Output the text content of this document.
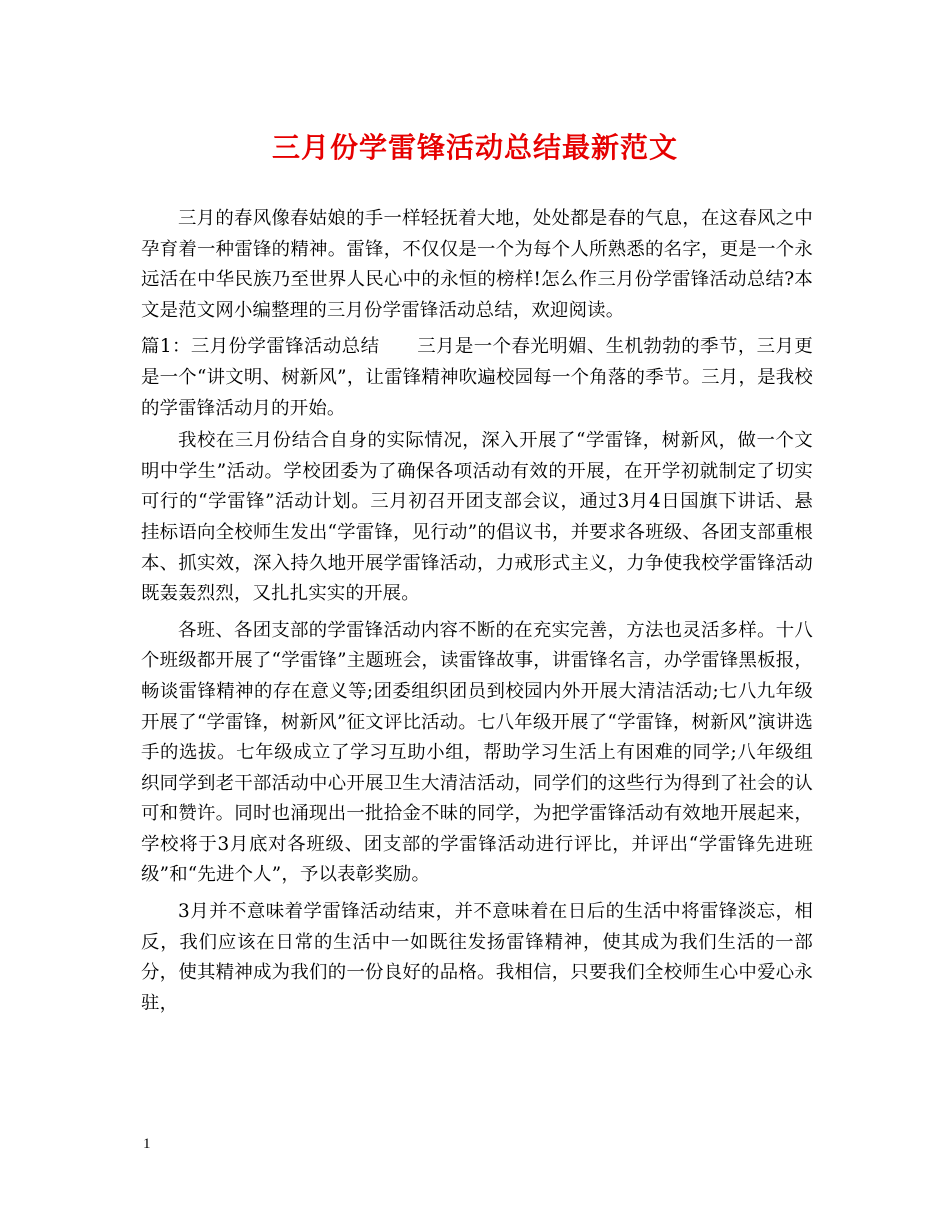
三月份学雷锋活动总结最新范文

三月的春风像春姑娘的手一样轻抚着大地，处处都是春的气息，在这春风之中孕育着一种雷锋的精神。雷锋，不仅仅是一个为每个人所熟悉的名字，更是一个永远活在中华民族乃至世界人民心中的永恒的榜样!怎么作三月份学雷锋活动总结?本文是范文网小编整理的三月份学雷锋活动总结，欢迎阅读。

篇1：三月份学雷锋活动总结　　三月是一个春光明媚、生机勃勃的季节，三月更是一个“讲文明、树新风”，让雷锋精神吹遍校园每一个角落的季节。三月，是我校的学雷锋活动月的开始。

我校在三月份结合自身的实际情况，深入开展了“学雷锋，树新风，做一个文明中学生”活动。学校团委为了确保各项活动有效的开展，在开学初就制定了切实可行的“学雷锋”活动计划。三月初召开团支部会议，通过3月4日国旗下讲话、悬挂标语向全校师生发出“学雷锋，见行动”的倡议书，并要求各班级、各团支部重根本、抓实效，深入持久地开展学雷锋活动，力戒形式主义，力争使我校学雷锋活动既轰轰烈烈，又扎扎实实的开展。

各班、各团支部的学雷锋活动内容不断的在充实完善，方法也灵活多样。十八个班级都开展了“学雷锋”主题班会，读雷锋故事，讲雷锋名言，办学雷锋黑板报，畅谈雷锋精神的存在意义等;团委组织团员到校园内外开展大清洁活动;七八九年级开展了“学雷锋，树新风”征文评比活动。七八年级开展了“学雷锋，树新风”演讲选手的选拔。七年级成立了学习互助小组，帮助学习生活上有困难的同学;八年级组织同学到老干部活动中心开展卫生大清洁活动，同学们的这些行为得到了社会的认可和赞许。同时也涌现出一批拾金不昧的同学，为把学雷锋活动有效地开展起来，学校将于3月底对各班级、团支部的学雷锋活动进行评比，并评出“学雷锋先进班级”和“先进个人”，予以表彰奖励。

3月并不意味着学雷锋活动结束，并不意味着在日后的生活中将雷锋淡忘，相反，我们应该在日常的生活中一如既往发扬雷锋精神，使其成为我们生活的一部分，使其精神成为我们的一份良好的品格。我相信，只要我们全校师生心中爱心永驻，

1
